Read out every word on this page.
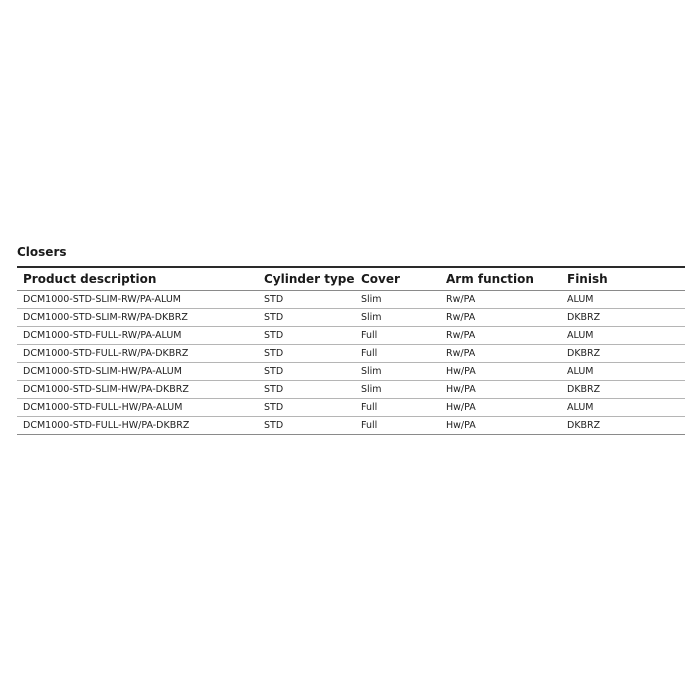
Closers
Product description	Cylinder type	Cover	Arm function	Finish
DCM1000-STD-SLIM-RW/PA-ALUM	STD	Slim	Rw/PA	ALUM
DCM1000-STD-SLIM-RW/PA-DKBRZ	STD	Slim	Rw/PA	DKBRZ
DCM1000-STD-FULL-RW/PA-ALUM	STD	Full	Rw/PA	ALUM
DCM1000-STD-FULL-RW/PA-DKBRZ	STD	Full	Rw/PA	DKBRZ
DCM1000-STD-SLIM-HW/PA-ALUM	STD	Slim	Hw/PA	ALUM
DCM1000-STD-SLIM-HW/PA-DKBRZ	STD	Slim	Hw/PA	DKBRZ
DCM1000-STD-FULL-HW/PA-ALUM	STD	Full	Hw/PA	ALUM
DCM1000-STD-FULL-HW/PA-DKBRZ	STD	Full	Hw/PA	DKBRZ
